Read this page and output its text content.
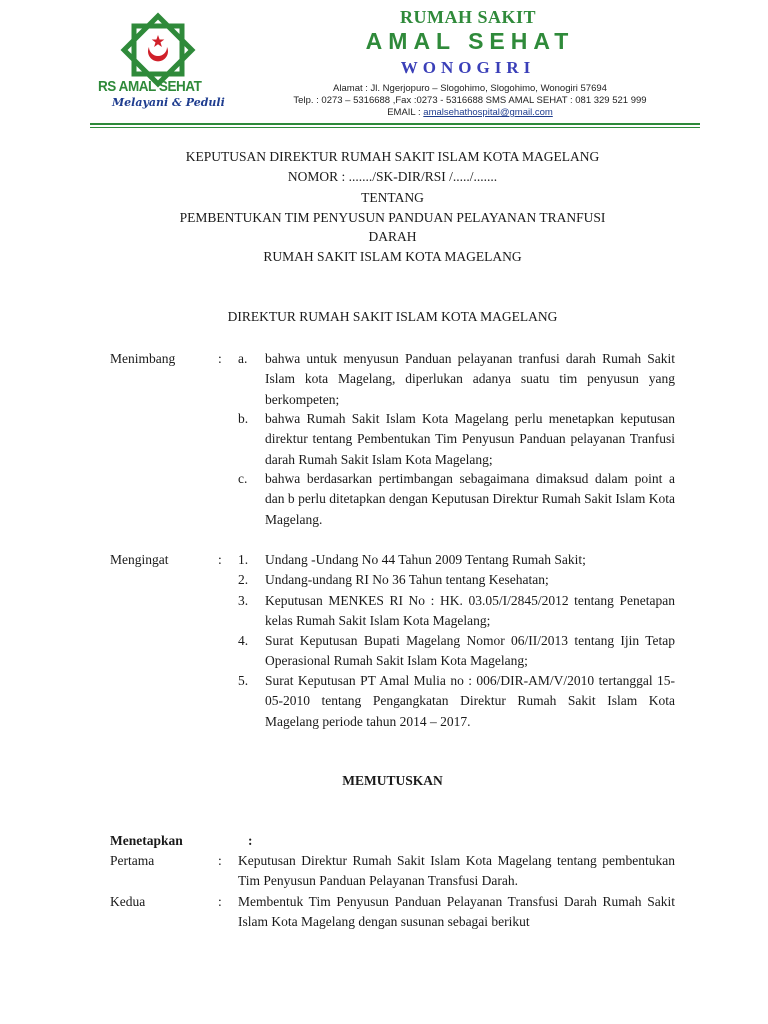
RS AMAL SEHAT
Melayani & Peduli
RUMAH SAKIT
AMAL SEHAT
WONOGIRI
Alamat : Jl. Ngerjopuro – Slogohimo, Slogohimo, Wonogiri 57694
Telp. : 0273 – 5316688 ,Fax :0273 - 5316688 SMS AMAL SEHAT : 081 329 521 999
EMAIL : amalsehathospital@gmail.com
KEPUTUSAN DIREKTUR RUMAH SAKIT ISLAM KOTA MAGELANG
NOMOR : ......./SK-DIR/RSI /...../.......
TENTANG
PEMBENTUKAN TIM PENYUSUN PANDUAN PELAYANAN TRANFUSI
DARAH
RUMAH SAKIT ISLAM KOTA MAGELANG
DIREKTUR RUMAH SAKIT ISLAM KOTA MAGELANG
Menimbang	: a. bahwa untuk menyusun Panduan pelayanan tranfusi darah Rumah Sakit Islam kota Magelang, diperlukan adanya suatu tim penyusun yang berkompeten;
b. bahwa Rumah Sakit Islam Kota Magelang perlu menetapkan keputusan direktur tentang Pembentukan Tim Penyusun Panduan pelayanan Tranfusi darah Rumah Sakit Islam Kota Magelang;
c. bahwa berdasarkan pertimbangan sebagaimana dimaksud dalam point a dan b perlu ditetapkan dengan Keputusan Direktur Rumah Sakit Islam Kota Magelang.
Mengingat	: 1. Undang -Undang No 44 Tahun 2009 Tentang Rumah Sakit;
2. Undang-undang RI No 36 Tahun tentang Kesehatan;
3. Keputusan MENKES RI No : HK. 03.05/I/2845/2012 tentang Penetapan kelas Rumah Sakit Islam Kota Magelang;
4. Surat Keputusan Bupati Magelang Nomor 06/II/2013 tentang Ijin Tetap Operasional Rumah Sakit Islam Kota Magelang;
5. Surat Keputusan PT Amal Mulia no : 006/DIR-AM/V/2010 tertanggal 15-05-2010 tentang Pengangkatan Direktur Rumah Sakit Islam Kota Magelang periode tahun 2014 – 2017.
MEMUTUSKAN
Menetapkan	:
Pertama	: Keputusan Direktur Rumah Sakit Islam Kota Magelang tentang pembentukan Tim Penyusun Panduan Pelayanan Transfusi Darah.
Kedua	: Membentuk Tim Penyusun Panduan Pelayanan Transfusi Darah Rumah Sakit Islam Kota Magelang dengan susunan sebagai berikut
